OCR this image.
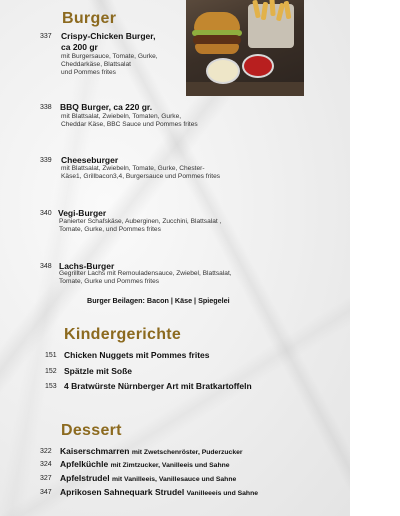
Burger
337 Crispy-Chicken Burger,
ca 200 gr
mit Burgersauce, Tomate, Gurke,
Cheddarkäse, Blattsalat
und Pommes frites
338 BBQ Burger, ca 220 gr.
mit Blattsalat, Zwiebeln, Tomaten, Gurke,
Cheddar Käse, BBC Sauce und Pommes frites
339 Cheeseburger
mit Blattsalat, Zwiebeln, Tomate, Gurke, Chester-
Käse1, Grillbacon3,4, Burgersauce und Pommes frites
340 Vegi-Burger
Panierter Schafskäse, Auberginen, Zucchini, Blattsalat ,
Tomate, Gurke, und Pommes frites
348 Lachs-Burger
Gegrillter Lachs mit Remouladensauce, Zwiebel, Blattsalat,
Tomate, Gurke und Pommes frites
Burger Beilagen: Bacon | Käse | Spiegelei
Kindergerichte
151 Chicken Nuggets mit Pommes frites
152 Spätzle mit Soße
153 4 Bratwürste Nürnberger Art mit Bratkartoffeln
Dessert
322 Kaiserschmarren mit Zwetschenröster, Puderzucker
324 Apfelküchle mit Zimtzucker, Vanilleeis und Sahne
327 Apfelstrudel mit Vanilleeis, Vanillesauce und Sahne
347 Aprikosen Sahnequark Strudel Vanilleeeis und Sahne
